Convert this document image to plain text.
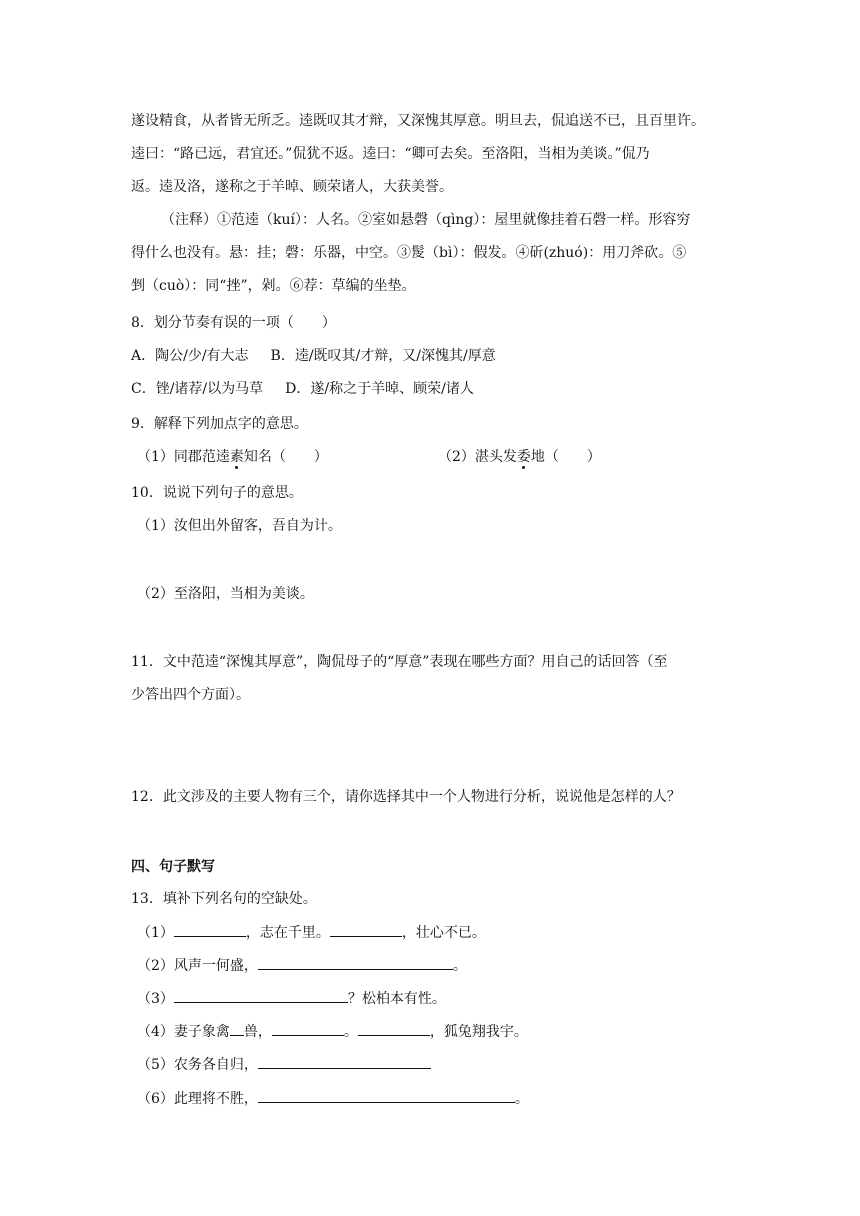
遂设精食，从者皆无所乏。逵既叹其才辩，又深愧其厚意。明旦去，侃追送不已，且百里许。
逵曰：“路已远，君宜还。”侃犹不返。逵曰：“卿可去矣。至洛阳，当相为美谈。”侃乃
返。逵及洛，遂称之于羊晫、顾荣诸人，大获美誉。
（注释）①范逵（kuí）：人名。②室如悬磬（qìng）：屋里就像挂着石磬一样。形容穷
得什么也没有。悬：挂；磬：乐器，中空。③髲（bì）：假发。④斫(zhuó)：用刀斧砍。⑤
剉（cuò）：同“挫”，剁。⑥荐：草编的坐垫。
8．划分节奏有误的一项（　　）
A．陶公/少/有大志 B．逵/既叹其/才辩，又/深愧其/厚意
C．锉/诸荐/以为马草 D．遂/称之于羊晫、顾荣/诸人
9．解释下列加点字的意思。
（1）同郡范逵素知名（　　）	（2）湛头发委地（　　）
10．说说下列句子的意思。
（1）汝但出外留客，吾自为计。
（2）至洛阳，当相为美谈。
11．文中范逵“深愧其厚意”，陶侃母子的“厚意”表现在哪些方面？用自己的话回答（至
少答出四个方面）。
12．此文涉及的主要人物有三个，请你选择其中一个人物进行分析，说说他是怎样的人？
四、句子默写
13．填补下列名句的空缺处。
（1）	，志在千里。	，壮心不已。
（2）风声一何盛，	。
（3）	？松柏本有性。
（4）妻子象禽 兽，	。	，狐兔翔我宇。
（5）农务各自归，
（6）此理将不胜，	。
